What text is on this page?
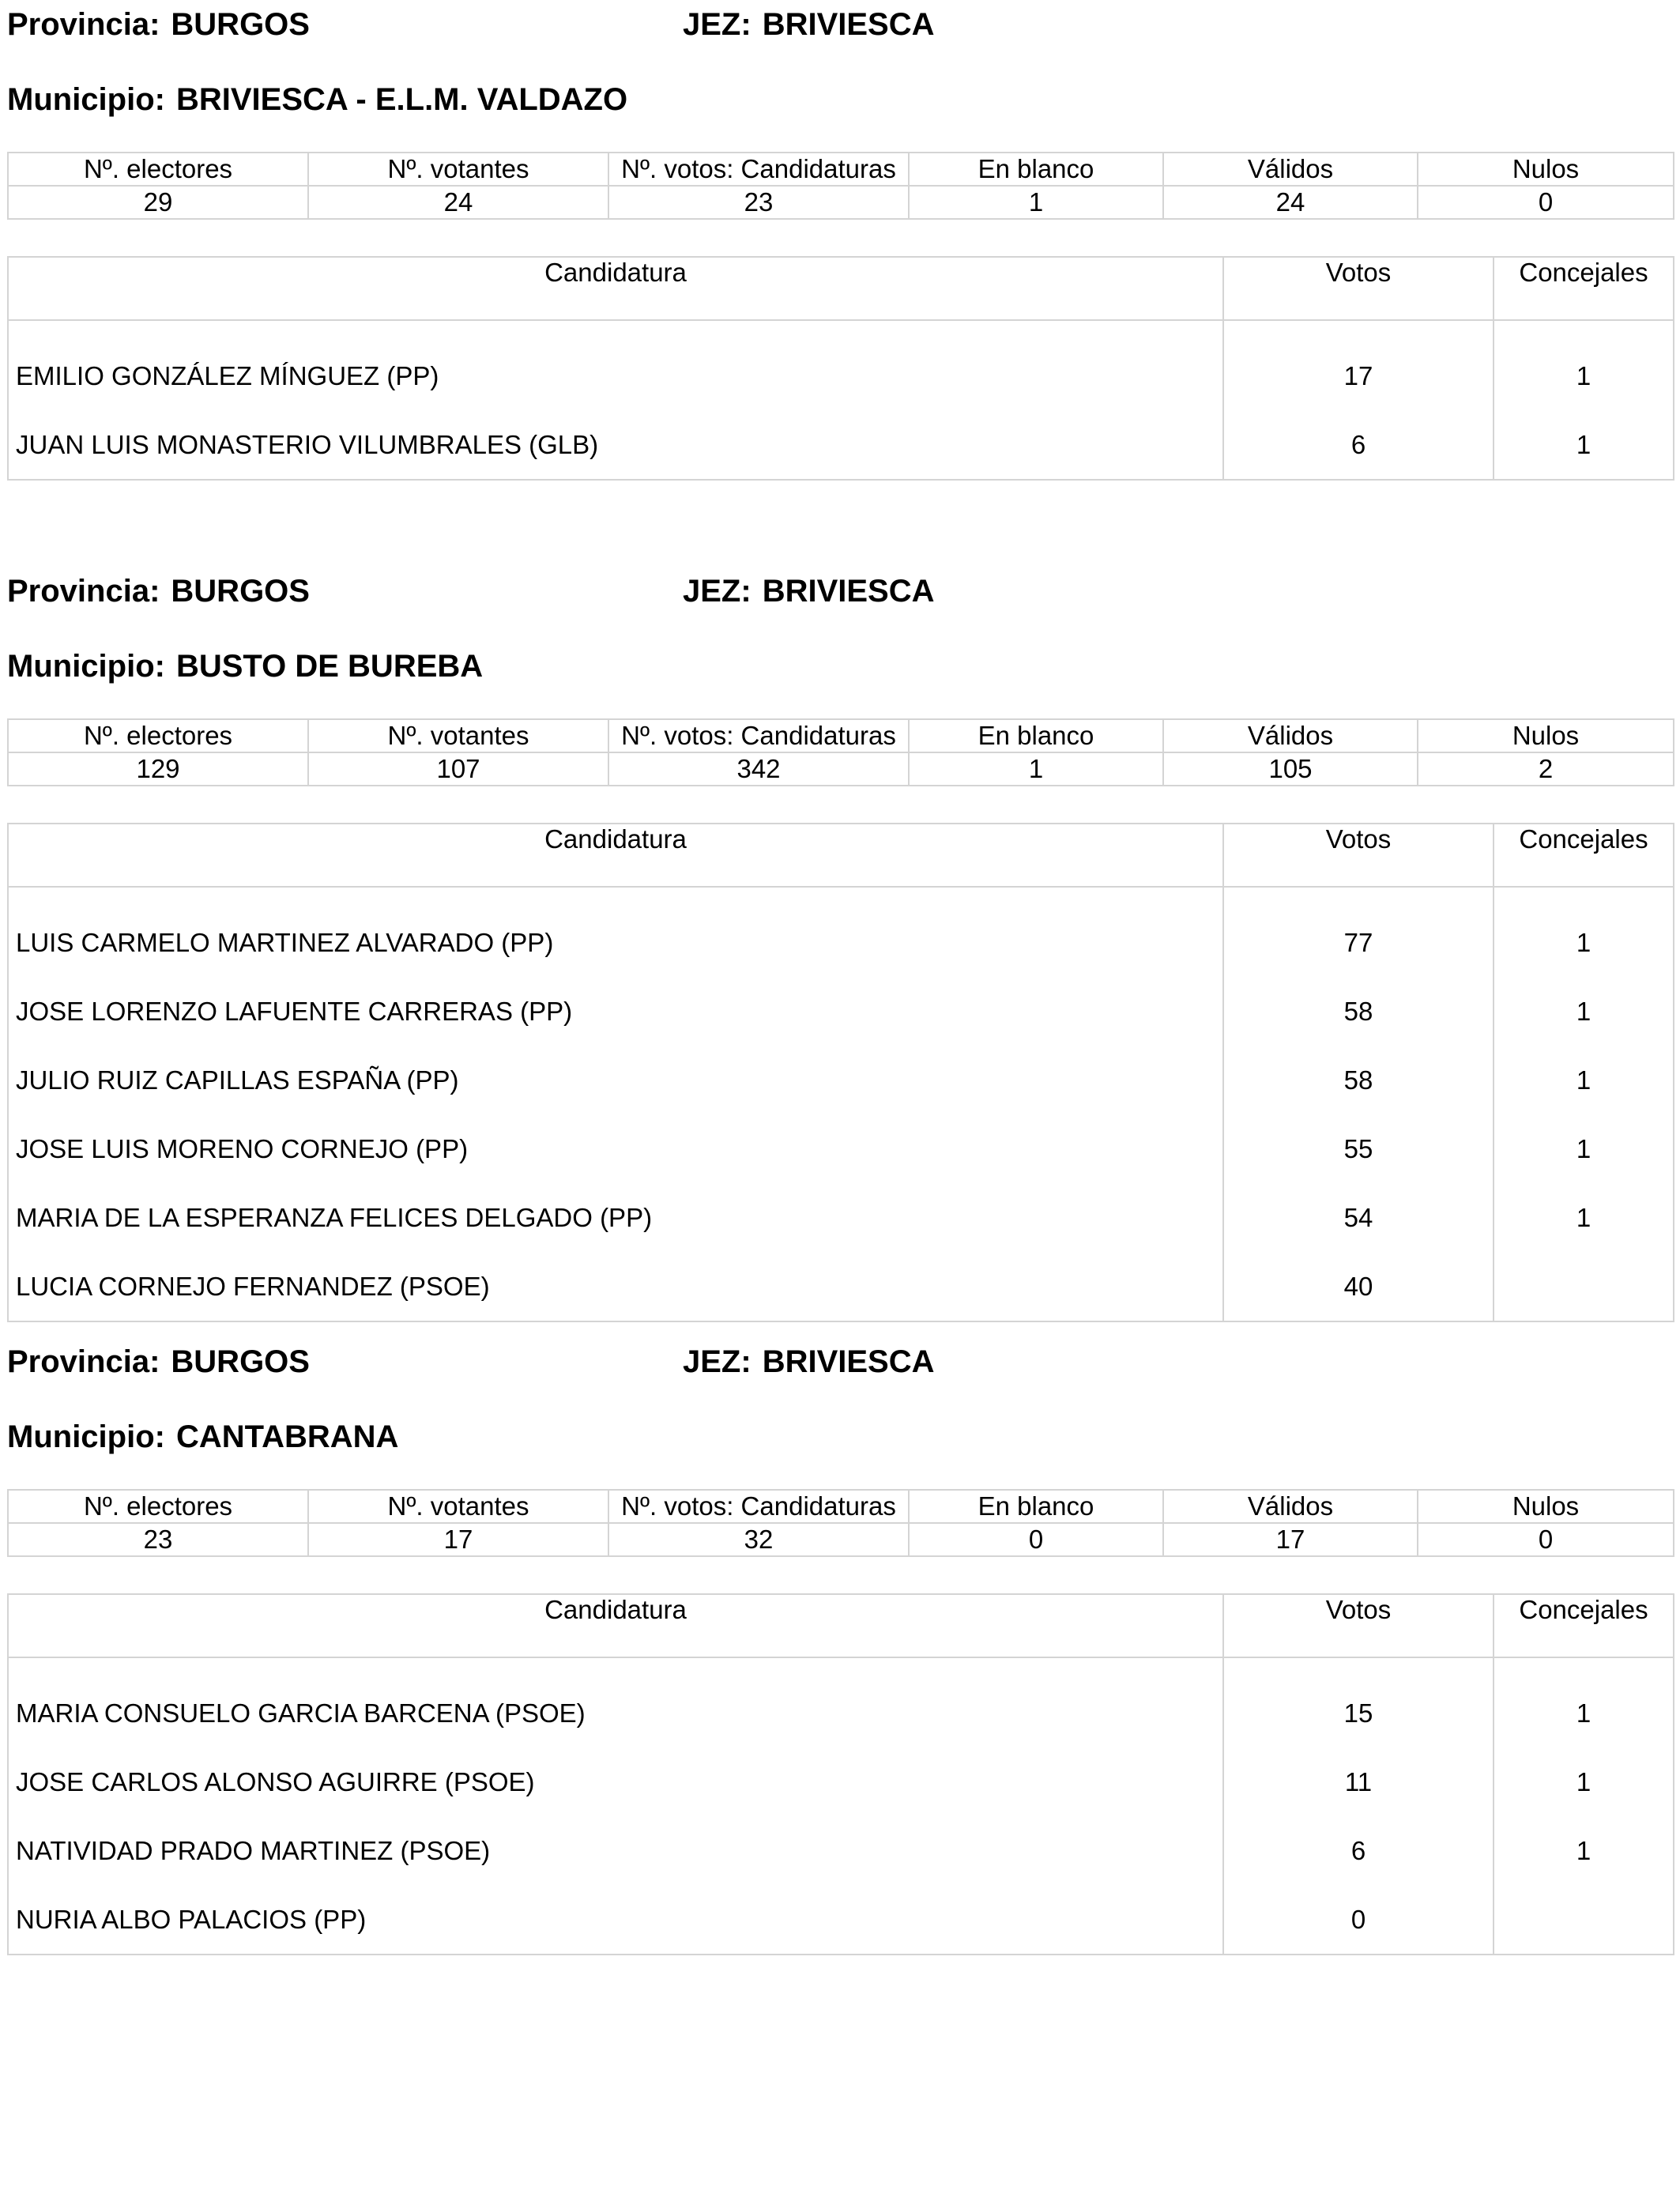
Provincia: BURGOS	JEZ: BRIVIESCA
Municipio: BRIVIESCA - E.L.M. VALDAZO
Nº. electores	Nº. votantes	Nº. votos: Candidaturas	En blanco	Válidos	Nulos
29	24	23	1	24	0
Candidatura	Votos	Concejales
EMILIO GONZÁLEZ MÍNGUEZ (PP)	17	1
JUAN LUIS MONASTERIO VILUMBRALES (GLB)	6	1
Provincia: BURGOS	JEZ: BRIVIESCA
Municipio: BUSTO DE BUREBA
Nº. electores	Nº. votantes	Nº. votos: Candidaturas	En blanco	Válidos	Nulos
129	107	342	1	105	2
Candidatura	Votos	Concejales
LUIS CARMELO MARTINEZ ALVARADO (PP)	77	1
JOSE LORENZO LAFUENTE CARRERAS (PP)	58	1
JULIO RUIZ CAPILLAS ESPAÑA (PP)	58	1
JOSE LUIS MORENO CORNEJO (PP)	55	1
MARIA DE LA ESPERANZA FELICES DELGADO (PP)	54	1
LUCIA CORNEJO FERNANDEZ (PSOE)	40	
Provincia: BURGOS	JEZ: BRIVIESCA
Municipio: CANTABRANA
Nº. electores	Nº. votantes	Nº. votos: Candidaturas	En blanco	Válidos	Nulos
23	17	32	0	17	0
Candidatura	Votos	Concejales
MARIA CONSUELO GARCIA BARCENA (PSOE)	15	1
JOSE CARLOS ALONSO AGUIRRE (PSOE)	11	1
NATIVIDAD PRADO MARTINEZ (PSOE)	6	1
NURIA ALBO PALACIOS (PP)	0	
